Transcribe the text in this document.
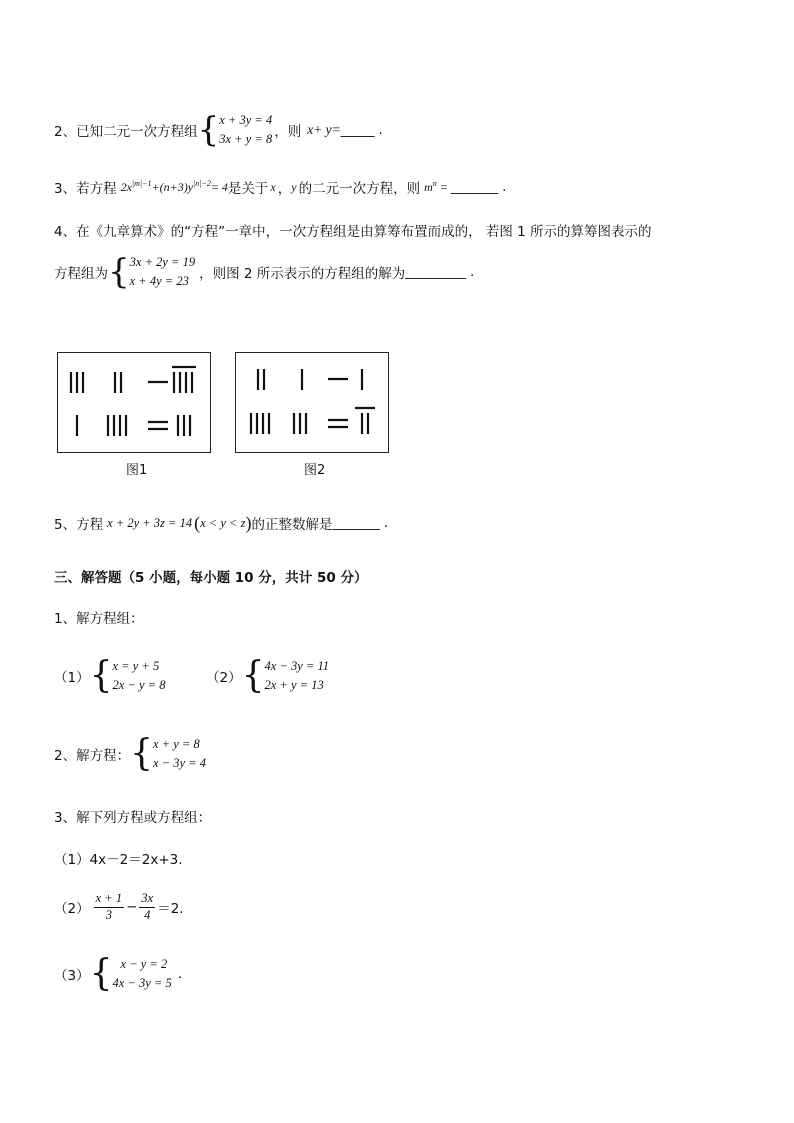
2、已知二元一次方程组 { x + 3y = 4
3x + y = 8 ，则 x+ y= _____ .
3、若方程 $2x^{|m|-1}+(n+3)y^{|n|-2}= 4$ 是关于 x ， y 的二元一次方程，则 $m^n$ = _______ .
4、在《九章算术》的“方程”一章中，一次方程组是由算筹布置而成的， 若图 1 所示的算筹图表示的
方程组为 { 3x + 2y = 19
x + 4y = 23 ，则图 2 所示表示的方程组的解为 _________ .
图1	图2
5、方程 x + 2y + 3z = 14 ( x < y < z ) 的正整数解是 _______ .
三、解答题（5 小题，每小题 10 分，共计 50 分）
1、解方程组：
（1） { x = y + 5
2x − y = 8	（2） { 4x − 3y = 11
2x + y = 13
2、解方程： { x + y = 8
x − 3y = 4
3、解下列方程或方程组：
（1）4x－2＝2x+3.
$(2) \frac{x + 1}{3} - \frac{3x}{4} =2$.
（3） { x − y = 2
4x − 3y = 5
.
